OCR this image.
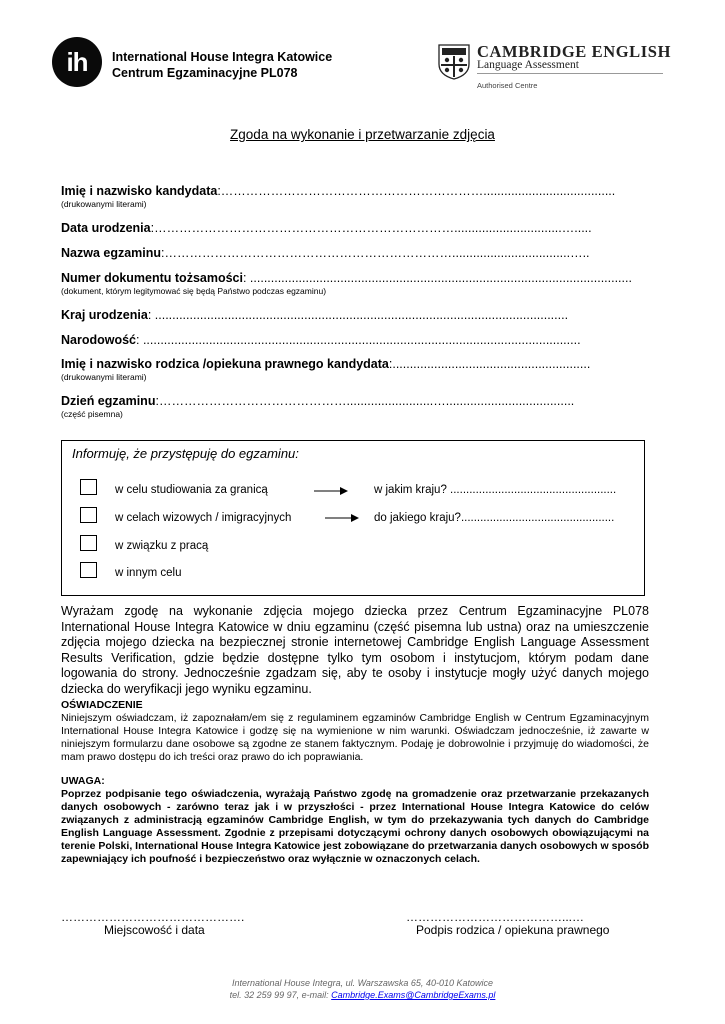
ih	International House Integra Katowice
Centrum Egzaminacyjne PL078
CAMBRIDGE ENGLISH
Language Assessment
Authorised Centre
Zgoda na wykonanie i przetwarzanie zdjęcia
Imię i nazwisko kandydata:………………………………………………………......................................
(drukowanymi literami)
Data urodzenia:………………………………………………………………...............................….....
Nazwa egzaminu:……………………………………………………………..................................…..
Numer dokumentu tożsamości: ..............................................................................................................
(dokument, którym legitymować się będą Państwo podczas egzaminu)
Kraj urodzenia: .......................................................................................................................
Narodowość: ..............................................................................................................................
Imię i nazwisko rodzica /opiekuna prawnego kandydata:.........................................................
(drukowanymi literami)
Dzień egzaminu:……………………………………….........................….....................................
(część pisemna)
Informuję, że przystępuję do egzaminu:
w celu studiowania za granicą	w jakim kraju? ....................................................
w celach wizowych / imigracyjnych	do jakiego kraju?................................................
w związku z pracą
w innym celu
Wyrażam zgodę na wykonanie zdjęcia mojego dziecka przez Centrum Egzaminacyjne PL078 International House Integra Katowice w dniu egzaminu (część pisemna lub ustna) oraz na umieszczenie zdjęcia mojego dziecka na bezpiecznej stronie internetowej Cambridge English Language Assessment Results Verification, gdzie będzie dostępne tylko tym osobom i instytucjom, którym podam dane logowania do strony. Jednocześnie zgadzam się, aby te osoby i instytucje mogły użyć danych mojego dziecka do weryfikacji jego wyniku egzaminu.
OŚWIADCZENIE
Niniejszym oświadczam, iż zapoznałam/em się z regulaminem egzaminów Cambridge English w Centrum Egzaminacyjnym International House Integra Katowice i godzę się na wymienione w nim warunki. Oświadczam jednocześnie, iż zawarte w niniejszym formularzu dane osobowe są zgodne ze stanem faktycznym. Podaję je dobrowolnie i przyjmuję do wiadomości, że mam prawo dostępu do ich treści oraz prawo do ich poprawiania.
UWAGA:
Poprzez podpisanie tego oświadczenia, wyrażają Państwo zgodę na gromadzenie oraz przetwarzanie przekazanych danych osobowych - zarówno teraz jak i w przyszłości - przez International House Integra Katowice do celów związanych z administracją egzaminów Cambridge English, w tym do przekazywania tych danych do Cambridge English Language Assessment. Zgodnie z przepisami dotyczącymi ochrony danych osobowych obowiązującymi na terenie Polski, International House Integra Katowice jest zobowiązane do przetwarzania danych osobowych w sposób zapewniający ich poufność i bezpieczeństwo oraz wyłącznie w oznaczonych celach.
……………………………………….
Miejscowość i data
…………………………………...…
Podpis rodzica / opiekuna prawnego
International House Integra, ul. Warszawska 65, 40-010 Katowice
tel. 32 259 99 97, e-mail: Cambridge.Exams@CambridgeExams.pl
